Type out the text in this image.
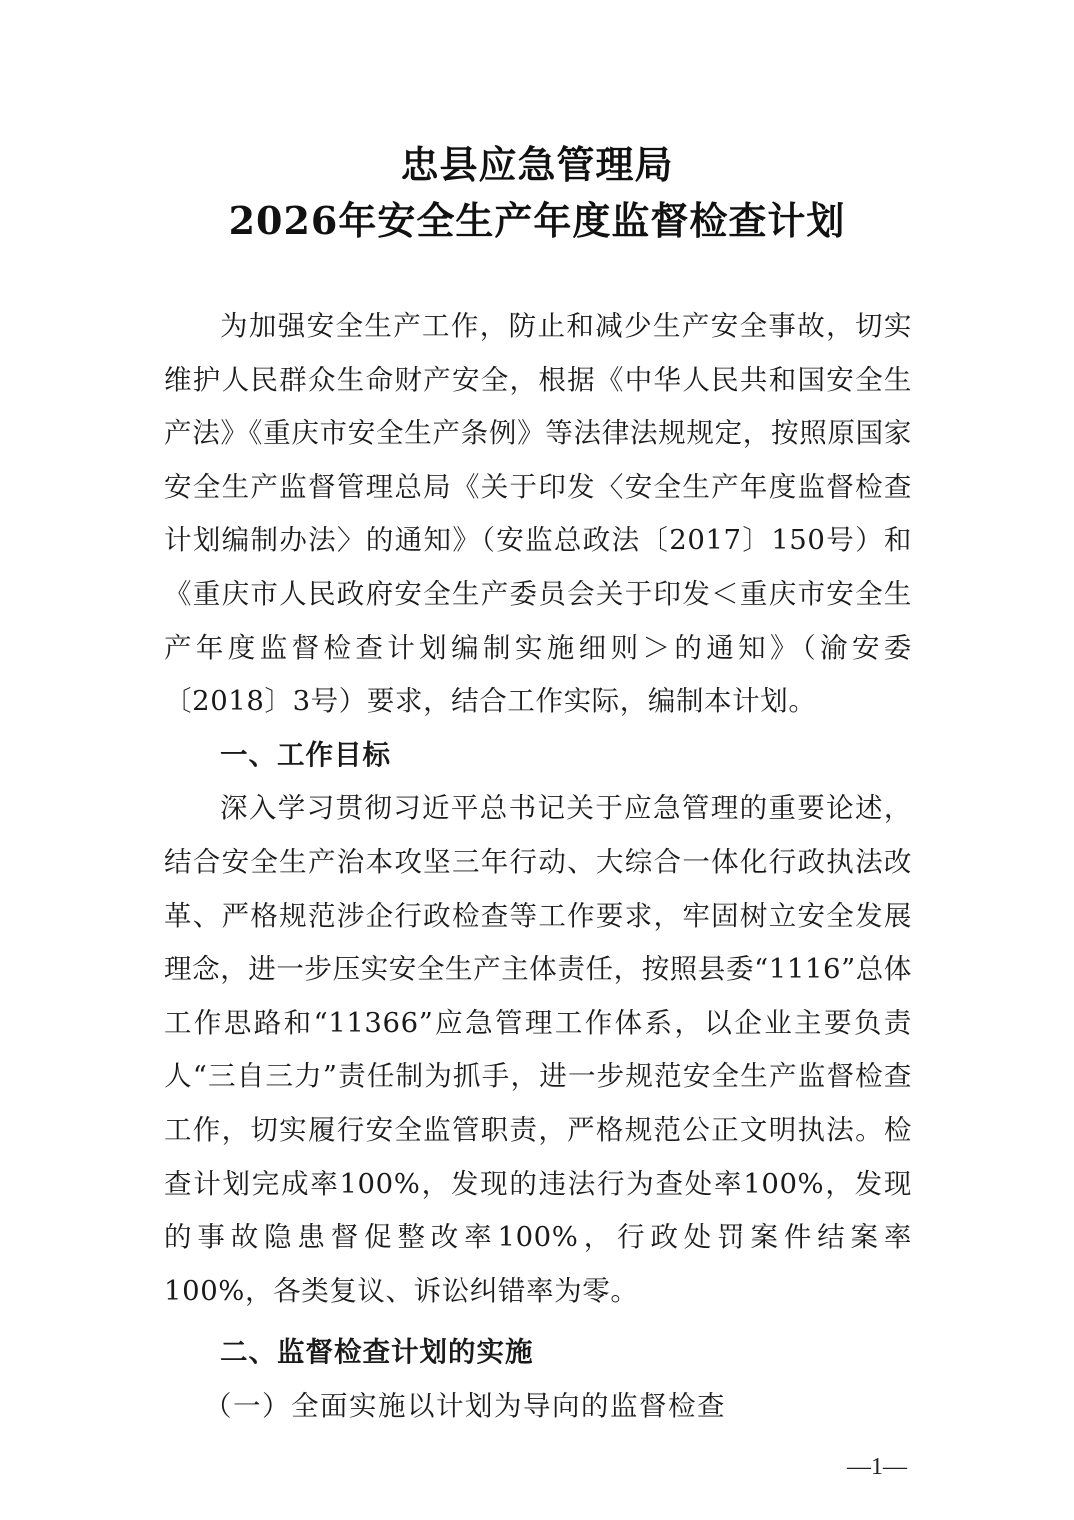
忠县应急管理局
2026年安全生产年度监督检查计划

为加强安全生产工作，防止和减少生产安全事故，切实维护人民群众生命财产安全，根据《中华人民共和国安全生产法》《重庆市安全生产条例》等法律法规规定，按照原国家安全生产监督管理总局《关于印发〈安全生产年度监督检查计划编制办法〉的通知》（安监总政法〔2017〕150号）和《重庆市人民政府安全生产委员会关于印发＜重庆市安全生产年度监督检查计划编制实施细则＞的通知》（渝安委〔2018〕3号）要求，结合工作实际，编制本计划。

一、工作目标

深入学习贯彻习近平总书记关于应急管理的重要论述，结合安全生产治本攻坚三年行动、大综合一体化行政执法改革、严格规范涉企行政检查等工作要求，牢固树立安全发展理念，进一步压实安全生产主体责任，按照县委“1116”总体工作思路和“11366”应急管理工作体系，以企业主要负责人“三自三力”责任制为抓手，进一步规范安全生产监督检查工作，切实履行安全监管职责，严格规范公正文明执法。检查计划完成率100%，发现的违法行为查处率100%，发现的事故隐患督促整改率100%，行政处罚案件结案率100%，各类复议、诉讼纠错率为零。

二、监督检查计划的实施

（一）全面实施以计划为导向的监督检查

—1—
